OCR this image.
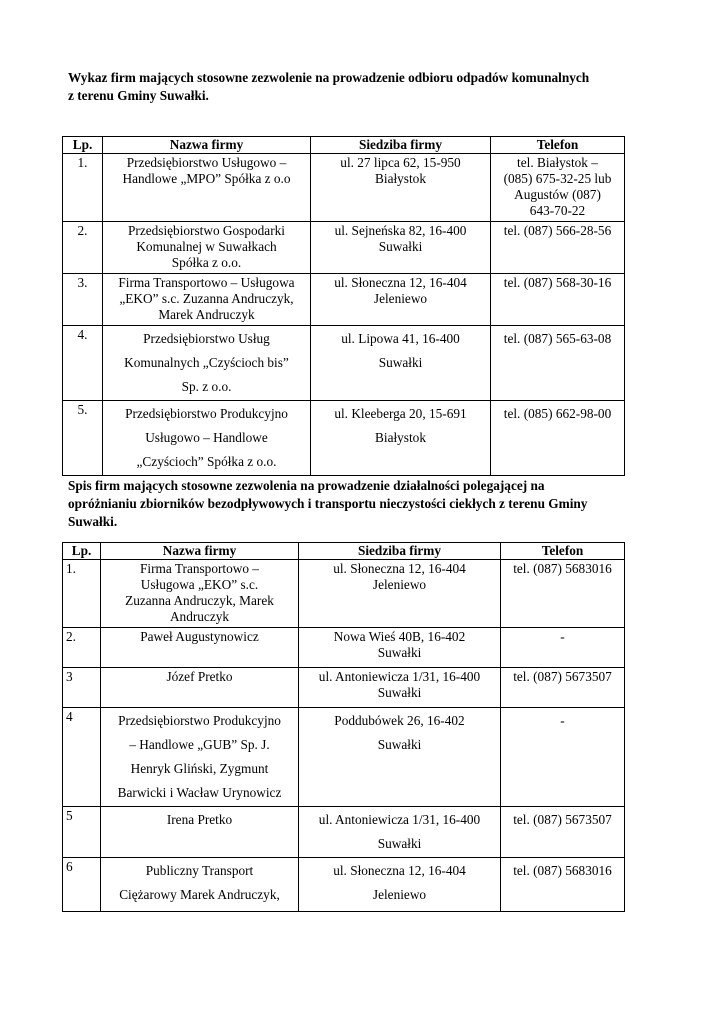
Wykaz firm mających stosowne zezwolenie na prowadzenie odbioru odpadów komunalnych
z terenu Gminy Suwałki.
Lp.	Nazwa firmy	Siedziba firmy	Telefon
1.	Przedsiębiorstwo Usługowo –
Handlowe „MPO” Spółka z o.o	ul. 27 lipca 62, 15-950
Białystok	tel. Białystok –
(085) 675-32-25 lub
Augustów (087)
643-70-22

2.	Przedsiębiorstwo Gospodarki
Komunalnej w Suwałkach
Spółka z o.o.	ul. Sejneńska 82, 16-400
Suwałki	tel. (087) 566-28-56

3.	Firma Transportowo – Usługowa
„EKO” s.c. Zuzanna Andruczyk,
Marek Andruczyk	ul. Słoneczna 12, 16-404
Jeleniewo	tel. (087) 568-30-16

4.	Przedsiębiorstwo Usług
Komunalnych „Czyścioch bis”
Sp. z o.o.	ul. Lipowa 41, 16-400
Suwałki	tel. (087) 565-63-08

5.	Przedsiębiorstwo Produkcyjno
Usługowo – Handlowe
„Czyścioch” Spółka z o.o.	ul. Kleeberga 20, 15-691
Białystok	tel. (085) 662-98-00
Spis firm mających stosowne zezwolenia na prowadzenie działalności polegającej na
opróżnianiu zbiorników bezodpływowych i transportu nieczystości ciekłych z terenu Gminy
Suwałki.
Lp.	Nazwa firmy	Siedziba firmy	Telefon
1.	Firma Transportowo –
Usługowa „EKO” s.c.
Zuzanna Andruczyk, Marek
Andruczyk	ul. Słoneczna 12, 16-404
Jeleniewo	tel. (087) 5683016

2.	Paweł Augustynowicz	Nowa Wieś 40B, 16-402
Suwałki	-

3	Józef Pretko	ul. Antoniewicza 1/31, 16-400
Suwałki	tel. (087) 5673507

4	Przedsiębiorstwo Produkcyjno
– Handlowe „GUB” Sp. J.
Henryk Gliński, Zygmunt
Barwicki i Wacław Urynowicz	Poddubówek 26, 16-402
Suwałki	-

5	Irena Pretko	ul. Antoniewicza 1/31, 16-400
Suwałki	tel. (087) 5673507

6	Publiczny Transport
Ciężarowy Marek Andruczyk,	ul. Słoneczna 12, 16-404
Jeleniewo	tel. (087) 5683016
